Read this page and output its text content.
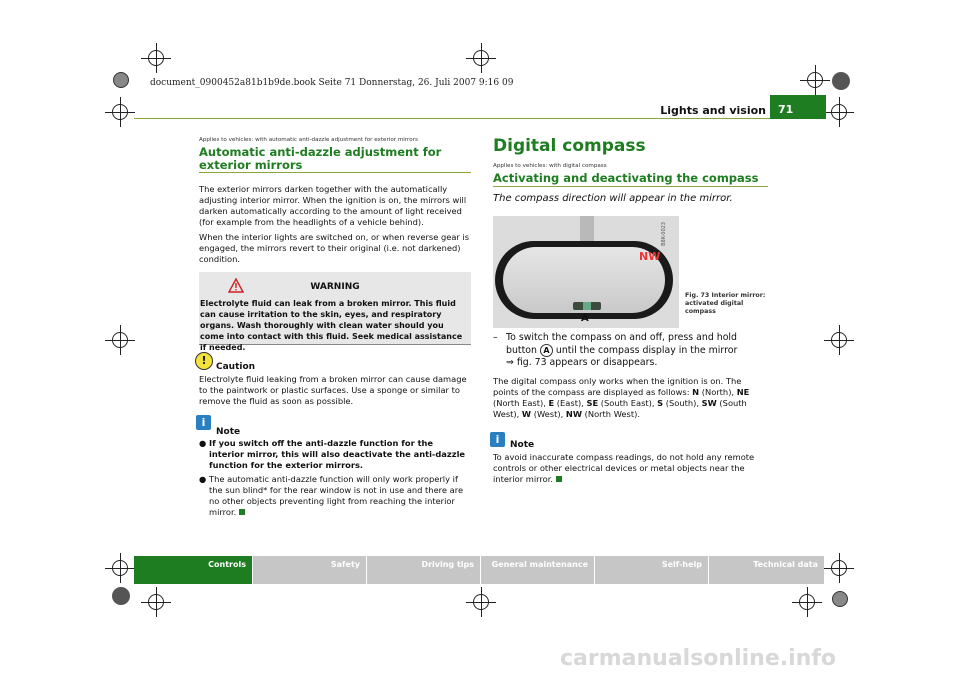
document_0900452a81b1b9de.book Seite 71 Donnerstag, 26. Juli 2007 9:16 09
Lights and vision 71
Applies to vehicles: with automatic anti-dazzle adjustment for exterior mirrors
Automatic anti-dazzle adjustment for exterior mirrors

The exterior mirrors darken together with the automatically adjusting interior mirror. When the ignition is on, the mirrors will darken automatically according to the amount of light received (for example from the headlights of a vehicle behind).

When the interior lights are switched on, or when reverse gear is engaged, the mirrors revert to their original (i.e. not darkened) condition.

WARNING
Electrolyte fluid can leak from a broken mirror. This fluid can cause irritation to the skin, eyes, and respiratory organs. Wash thoroughly with clean water should you come into contact with this fluid. Seek medical assistance if needed.
!	Caution
Electrolyte fluid leaking from a broken mirror can cause damage to the paintwork or plastic surfaces. Use a sponge or similar to remove the fluid as soon as possible.
i
Note
● If you switch off the anti-dazzle function for the interior mirror, this will also deactivate the anti-dazzle function for the exterior mirrors.
● The automatic anti-dazzle function will only work properly if the sun blind* for the rear window is not in use and there are no other objects preventing light from reaching the interior mirror.
Digital compass
Applies to vehicles: with digital compass
Activating and deactivating the compass
The compass direction will appear in the mirror.
NW
A
B8K-0023
Fig. 73 Interior mirror: activated digital compass
– To switch the compass on and off, press and hold button A until the compass display in the mirror
⇒ fig. 73 appears or disappears.
The digital compass only works when the ignition is on. The points of the compass are displayed as follows: N (North), NE (North East), E (East), SE (South East), S (South), SW (South West), W (West), NW (North West).
i	Note
To avoid inaccurate compass readings, do not hold any remote controls or other electrical devices or metal objects near the interior mirror.
Controls	Safety	Driving tips	General maintenance	Self-help	Technical data
carmanualsonline.info
